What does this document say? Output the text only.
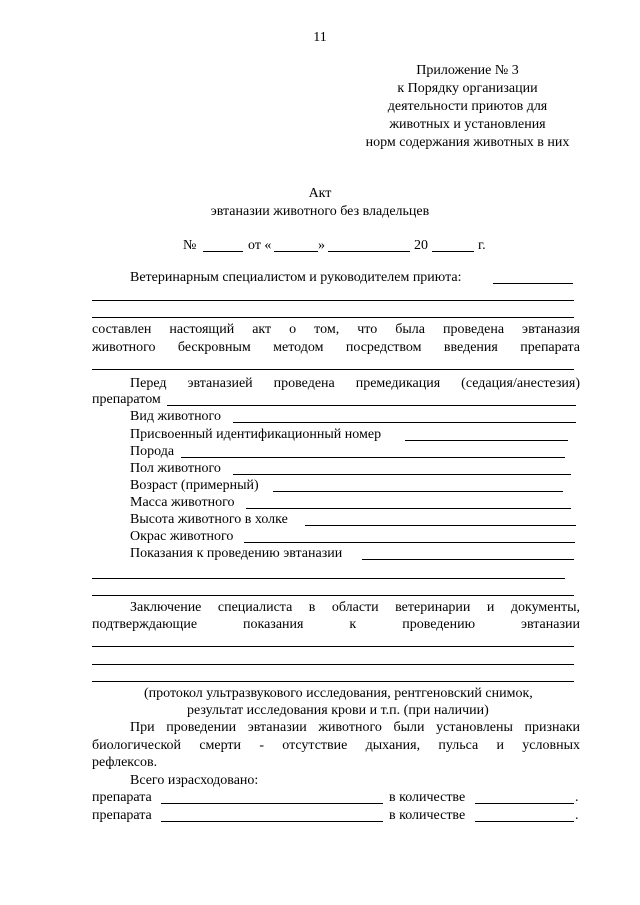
11
Приложение № 3
к Порядку организации
деятельности приютов для
животных и установления
норм содержания животных в них
Акт
эвтаназии животного без владельцев
№	от «	»	20	г.
Ветеринарным специалистом и руководителем приюта:
составлен настоящий акт о том, что была проведена эвтаназия
животного бескровным методом посредством введения препарата
Перед эвтаназией проведена премедикация (седация/анестезия)
препаратом
Вид животного
Присвоенный идентификационный номер
Порода
Пол животного
Возраст (примерный)
Масса животного
Высота животного в холке
Окрас животного
Показания к проведению эвтаназии
Заключение специалиста в области ветеринарии и документы,
подтверждающие показания к проведению эвтаназии
(протокол ультразвукового исследования, рентгеновский снимок,
результат исследования крови и т.п. (при наличии)
При проведении эвтаназии животного были установлены признаки
биологической смерти - отсутствие дыхания, пульса и условных
рефлексов.
Всего израсходовано:
препарата	в количестве	.
препарата	в количестве	.
